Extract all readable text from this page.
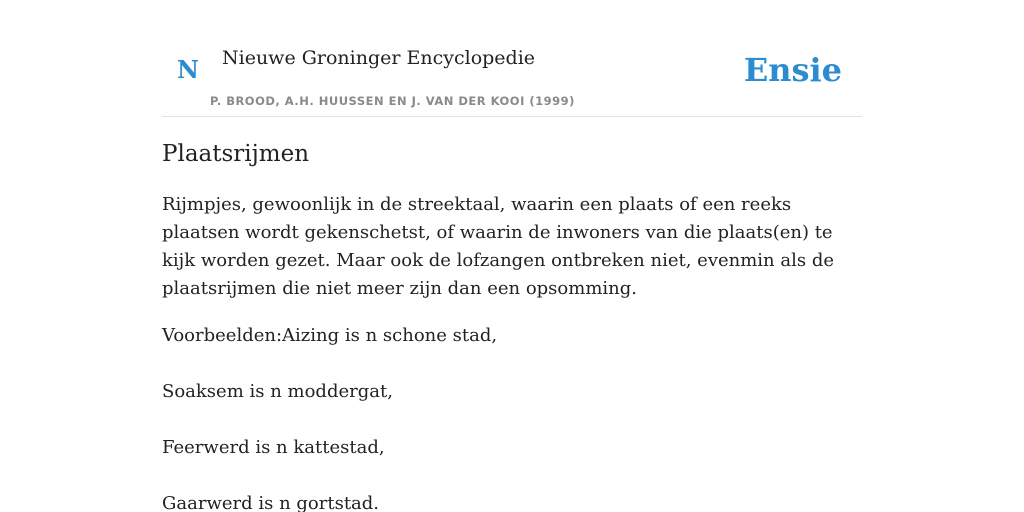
N Nieuwe Groninger Encyclopedie
P. BROOD, A.H. HUUSSEN EN J. VAN DER KOOI (1999)
Ensie
Plaatsrijmen

Rijmpjes, gewoonlijk in de streektaal, waarin een plaats of een reeks plaatsen wordt gekenschetst, of waarin de inwoners van die plaats(en) te kijk worden gezet. Maar ook de lofzangen ontbreken niet, evenmin als de plaatsrijmen die niet meer zijn dan een opsomming.

Voorbeelden:Aizing is n schone stad,

Soaksem is n moddergat,

Feerwerd is n kattestad,

Gaarwerd is n gortstad.
